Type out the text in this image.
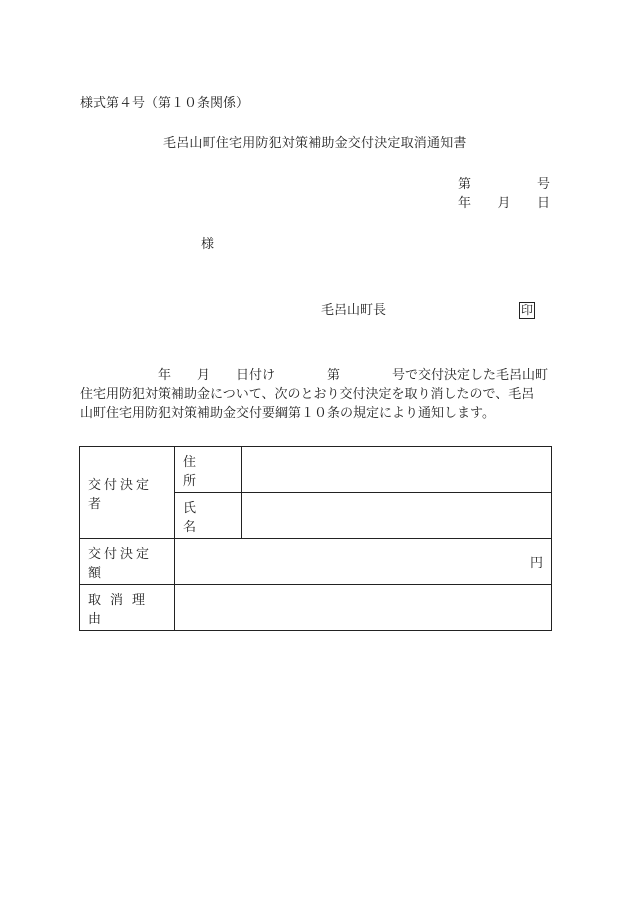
様式第４号（第１０条関係）
毛呂山町住宅用防犯対策補助金交付決定取消通知書
第	号
年 月 日
様
毛呂山町長	印
　　　　　　年　　月　　日付け　　　　第　　　　号で交付決定した毛呂山町
住宅用防犯対策補助金について、次のとおり交付決定を取り消したので、毛呂
山町住宅用防犯対策補助金交付要綱第１０条の規定により通知します。
交付決定者	住　所	
	氏　名	
交付決定額	円	
取消理由		
